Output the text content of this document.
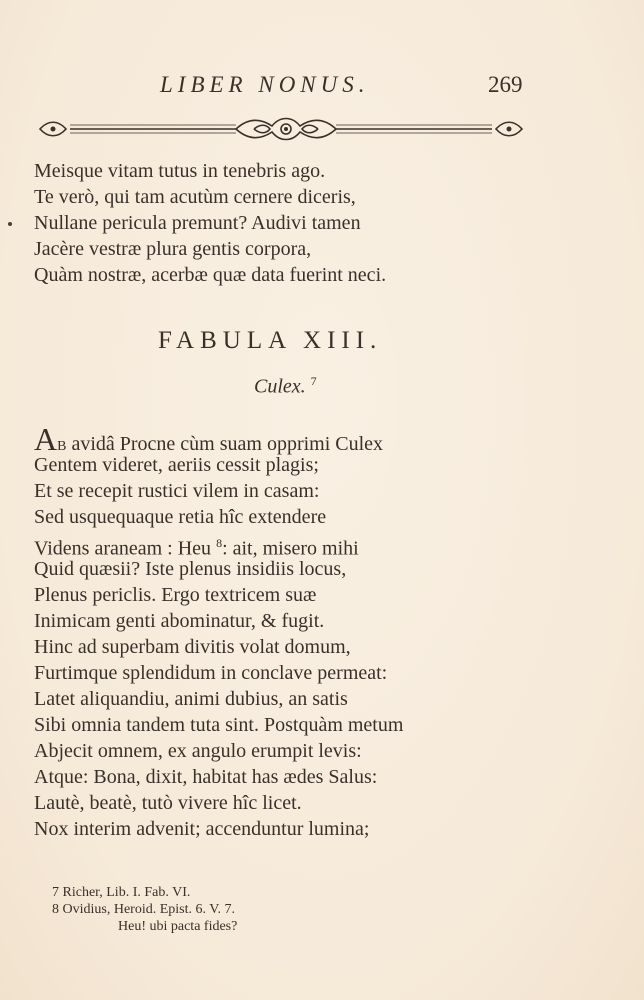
LIBER NONUS.	269
Meisque vitam tutus in tenebris ago.
Te verò, qui tam acutùm cernere diceris,
Nullane pericula premunt? Audivi tamen
Jacère vestræ plura gentis corpora,
Quàm nostræ, acerbæ quæ data fuerint neci.
FABULA XIII.
Culex. $^7$
AB avidâ Procne cùm suam opprimi Culex
Gentem videret, aeriis cessit plagis;
Et se recepit rustici vilem in casam:
Sed usquequaque retia hîc extendere
Videns araneam : Heu $^8$: ait, misero mihi
Quid quæsii? Iste plenus insidiis locus,
Plenus periclis. Ergo textricem suæ
Inimicam genti abominatur, & fugit.
Hinc ad superbam divitis volat domum,
Furtimque splendidum in conclave permeat:
Latet aliquandiu, animi dubius, an satis
Sibi omnia tandem tuta sint. Postquàm metum
Abjecit omnem, ex angulo erumpit levis:
Atque: Bona, dixit, habitat has ædes Salus:
Lautè, beatè, tutò vivere hîc licet.
Nox interim advenit; accenduntur lumina;
7 Richer, Lib. I. Fab. VI.
8 Ovidius, Heroid. Epist. 6. V. 7.
Heu! ubi pacta fides?
